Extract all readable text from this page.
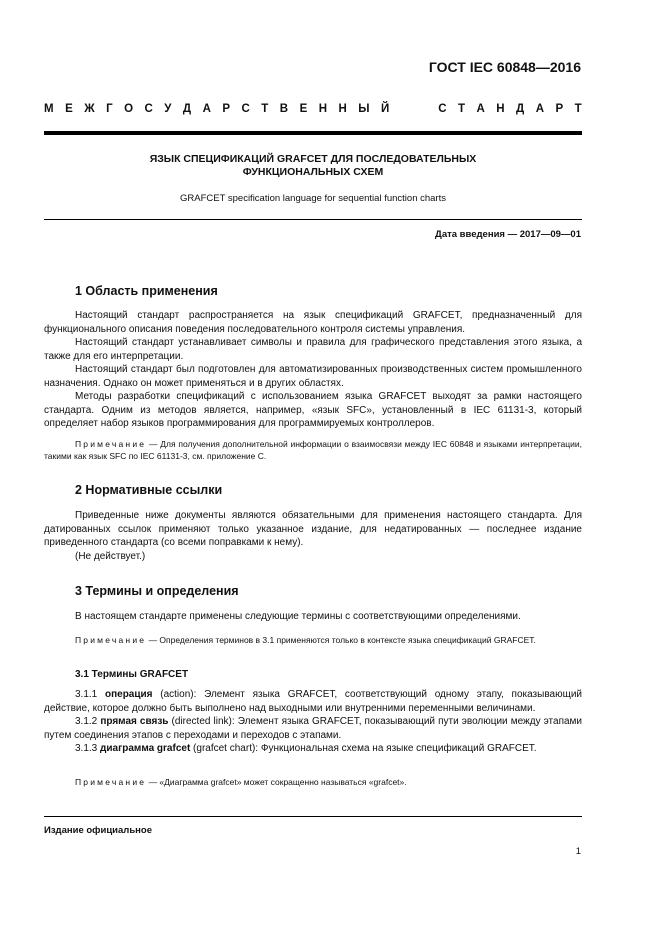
ГОСТ IEC 60848—2016
М Е Ж Г О С У Д А Р С Т В Е Н Н Ы Й	С Т А Н Д А Р Т
ЯЗЫК СПЕЦИФИКАЦИЙ GRAFCET ДЛЯ ПОСЛЕДОВАТЕЛЬНЫХ
ФУНКЦИОНАЛЬНЫХ СХЕМ
GRAFCET specification language for sequential function charts
Дата введения — 2017—09—01
1 Область применения

Настоящий стандарт распространяется на язык спецификаций GRAFCET, предназначенный для функционального описания поведения последовательного контроля системы управления.

Настоящий стандарт устанавливает символы и правила для графического представления этого языка, а также для его интерпретации.

Настоящий стандарт был подготовлен для автоматизированных производственных систем промышленного назначения. Однако он может применяться и в других областях.

Методы разработки спецификаций с использованием языка GRAFCET выходят за рамки настоящего стандарта. Одним из методов является, например, «язык SFC», установленный в IEC 61131-3, который определяет набор языков программирования для программируемых контроллеров.

Примечание — Для получения дополнительной информации о взаимосвязи между IEC 60848 и языками интерпретации, такими как язык SFC по IEC 61131-3, см. приложение С.
2 Нормативные ссылки

Приведенные ниже документы являются обязательными для применения настоящего стандарта. Для датированных ссылок применяют только указанное издание, для недатированных — последнее издание приведенного стандарта (со всеми поправками к нему).

(Не действует.)

3 Термины и определения

В настоящем стандарте применены следующие термины с соответствующими определениями.

Примечание — Определения терминов в 3.1 применяются только в контексте языка спецификаций GRAFCET.
3.1 Термины GRAFCET

3.1.1 операция (action): Элемент языка GRAFCET, соответствующий одному этапу, показывающий действие, которое должно быть выполнено над выходными или внутренними переменными величинами.

3.1.2 прямая связь (directed link): Элемент языка GRAFCET, показывающий пути эволюции между этапами путем соединения этапов с переходами и переходов с этапами.

3.1.3 диаграмма grafcet (grafcet chart): Функциональная схема на языке спецификаций GRAFCET.

Примечание — «Диаграмма grafcet» может сокращенно называться «grafcet».
Издание официальное
1
